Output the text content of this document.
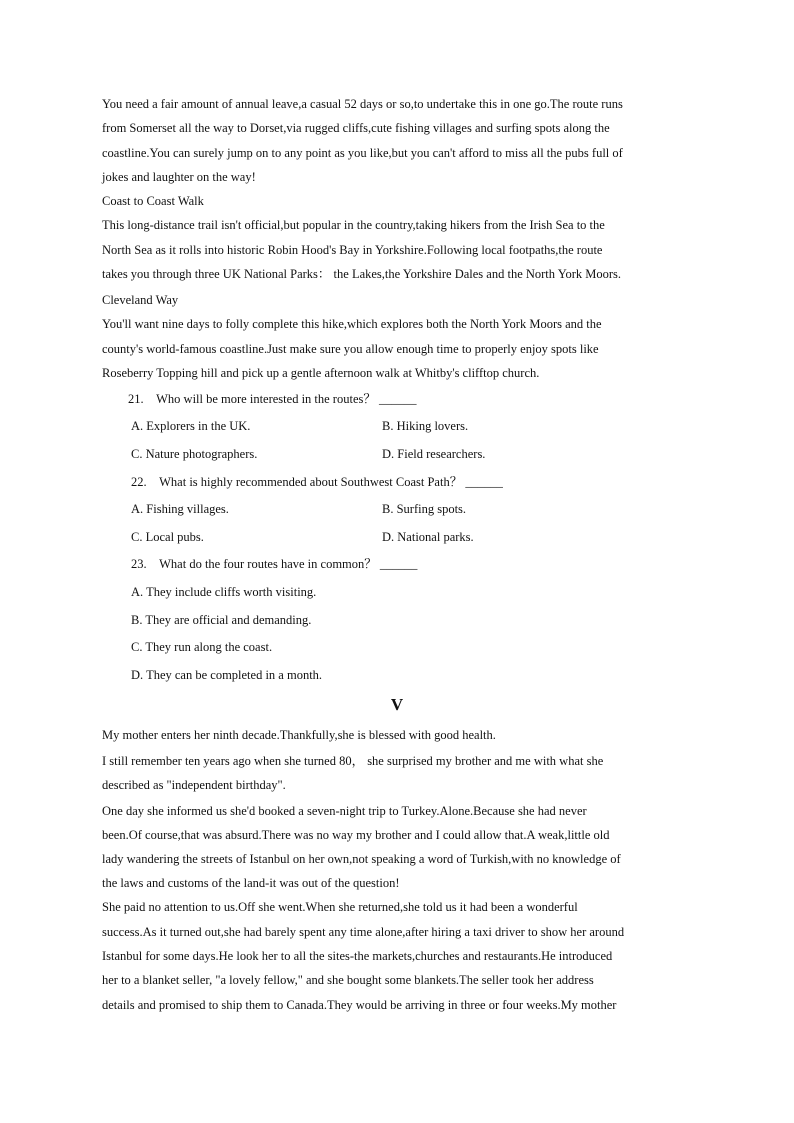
You need a fair amount of annual leave,a casual 52 days or so,to undertake this in one go.The route runs
from Somerset all the way to Dorset,via rugged cliffs,cute fishing villages and surfing spots along the
coastline.You can surely jump on to any point as you like,but you can't afford to miss all the pubs full of
jokes and laughter on the way!
Coast to Coast Walk
This long-distance trail isn't official,but popular in the country,taking hikers from the Irish Sea to the
North Sea as it rolls into historic Robin Hood's Bay in Yorkshire.Following local footpaths,the route
takes you through three UK National Parks： the Lakes,the Yorkshire Dales and the North York Moors.
Cleveland Way
You'll want nine days to folly complete this hike,which explores both the North York Moors and the
county's world-famous coastline.Just make sure you allow enough time to properly enjoy spots like
Roseberry Topping hill and pick up a gentle afternoon walk at Whitby's clifftop church.
21. Who will be more interested in the routes？ ______
A. Explorers in the UK.	B. Hiking lovers.
C. Nature photographers.	D. Field researchers.
22. What is highly recommended about Southwest Coast Path？ ______
A. Fishing villages.	B. Surfing spots.
C. Local pubs.	D. National parks.
23. What do the four routes have in common？ ______
A. They include cliffs worth visiting.
B. They are official and demanding.
C. They run along the coast.
D. They can be completed in a month.
V
My mother enters her ninth decade.Thankfully,she is blessed with good health.
I still remember ten years ago when she turned 80， she surprised my brother and me with what she
described as "independent birthday".
One day she informed us she'd booked a seven-night trip to Turkey.Alone.Because she had never
been.Of course,that was absurd.There was no way my brother and I could allow that.A weak,little old
lady wandering the streets of Istanbul on her own,not speaking a word of Turkish,with no knowledge of
the laws and customs of the land-it was out of the question!
She paid no attention to us.Off she went.When she returned,she told us it had been a wonderful
success.As it turned out,she had barely spent any time alone,after hiring a taxi driver to show her around
Istanbul for some days.He look her to all the sites-the markets,churches and restaurants.He introduced
her to a blanket seller, "a lovely fellow," and she bought some blankets.The seller took her address
details and promised to ship them to Canada.They would be arriving in three or four weeks.My mother
